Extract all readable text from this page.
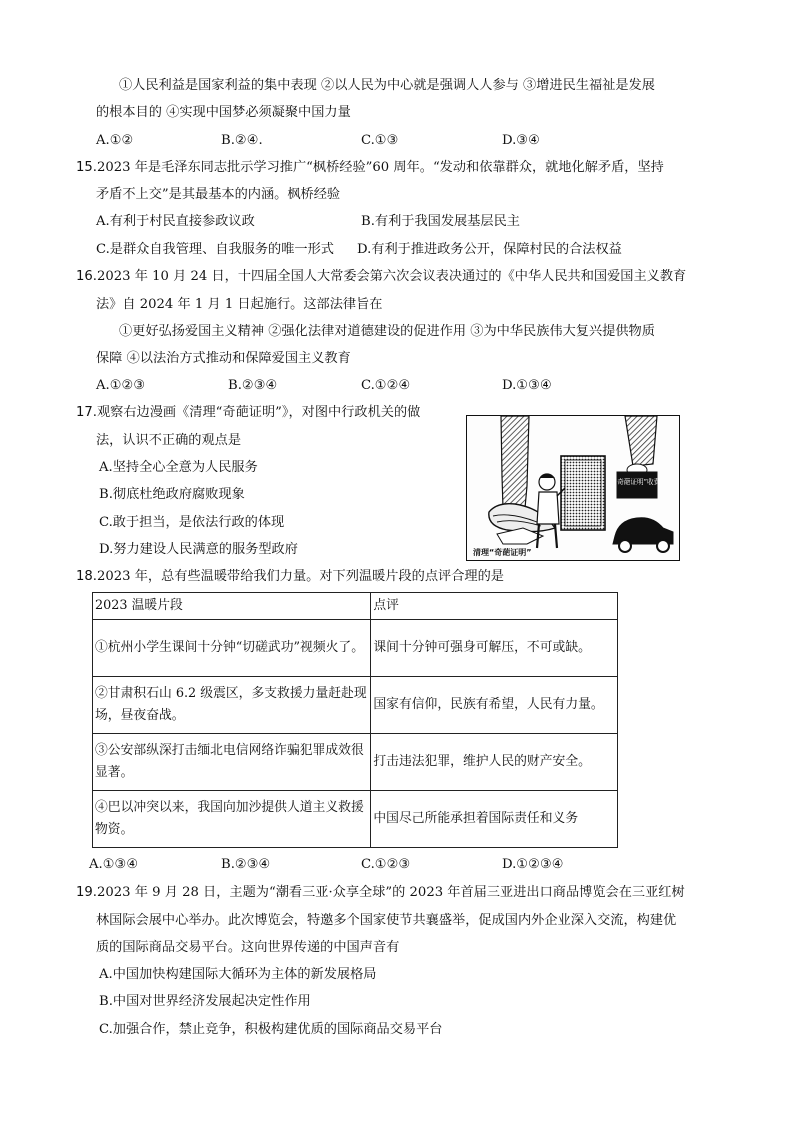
①人民利益是国家利益的集中表现 ②以人民为中心就是强调人人参与 ③增进民生福祉是发展
的根本目的 ④实现中国梦必须凝聚中国力量
A.①②	B.②④.	C.①③	D.③④
15.2023 年是毛泽东同志批示学习推广“枫桥经验”60 周年。“发动和依靠群众，就地化解矛盾，坚持
矛盾不上交”是其最基本的内涵。枫桥经验
A.有利于村民直接参政议政	B.有利于我国发展基层民主
C.是群众自我管理、自我服务的唯一形式 D.有利于推进政务公开，保障村民的合法权益
16.2023 年 10 月 24 日，十四届全国人大常委会第六次会议表决通过的《中华人民共和国爱国主义教育
法》自 2024 年 1 月 1 日起施行。这部法律旨在
①更好弘扬爱国主义精神 ②强化法律对道德建设的促进作用 ③为中华民族伟大复兴提供物质
保障 ④以法治方式推动和保障爱国主义教育
A.①②③	B.②③④	C.①②④	D.①③④
17.观察右边漫画《清理“奇葩证明”》，对图中行政机关的做
法，认识不正确的观点是
A.坚持全心全意为人民服务
B.彻底杜绝政府腐败现象
C.敢于担当，是依法行政的体现
D.努力建设人民满意的服务型政府
“奇葩证明”收费
清理“奇葩证明”
18.2023 年，总有些温暖带给我们力量。对下列温暖片段的点评合理的是
2023 温暖片段	点评
①杭州小学生课间十分钟“切磋武功”视频火了。	课间十分钟可强身可解压，不可或缺。
②甘肃积石山 6.2 级震区，多支救援力量赶赴现场，昼夜奋战。	国家有信仰，民族有希望，人民有力量。
③公安部纵深打击缅北电信网络诈骗犯罪成效很显著。	打击违法犯罪，维护人民的财产安全。
④巴以冲突以来，我国向加沙提供人道主义救援物资。	中国尽己所能承担着国际责任和义务
A.①③④	B.②③④	C.①②③	D.①②③④
19.2023 年 9 月 28 日，主题为“潮看三亚·众享全球”的 2023 年首届三亚进出口商品博览会在三亚红树
林国际会展中心举办。此次博览会，特邀多个国家使节共襄盛举，促成国内外企业深入交流，构建优
质的国际商品交易平台。这向世界传递的中国声音有
A.中国加快构建国际大循环为主体的新发展格局
B.中国对世界经济发展起决定性作用
C.加强合作，禁止竞争，积极构建优质的国际商品交易平台
